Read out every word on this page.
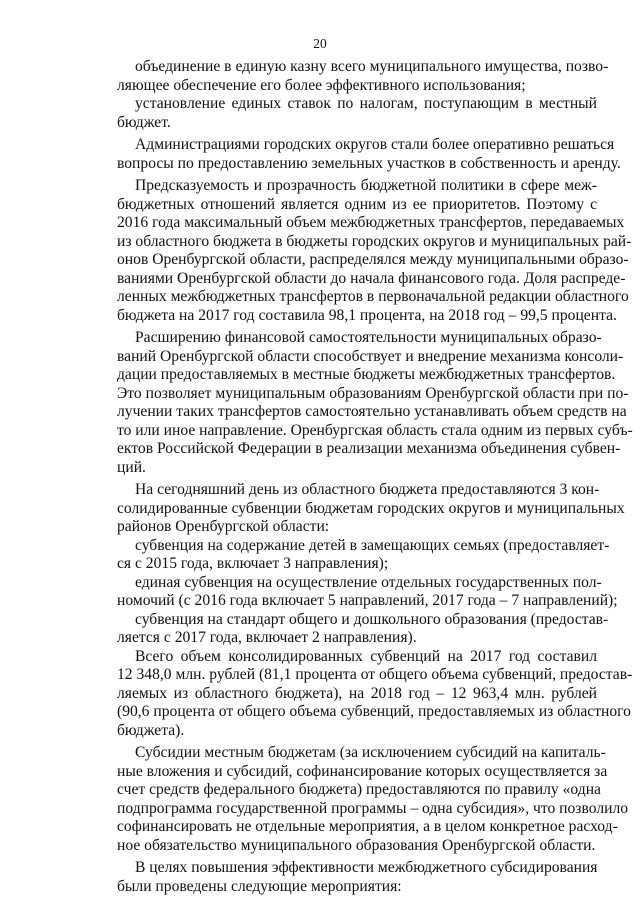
20
объединение в единую казну всего муниципального имущества, позво-
ляющее обеспечение его более эффективного использования;
установление единых ставок по налогам, поступающим в местный
бюджет.
Администрациями городских округов стали более оперативно решаться
вопросы по предоставлению земельных участков в собственность и аренду.
Предсказуемость и прозрачность бюджетной политики в сфере меж-
бюджетных отношений является одним из ее приоритетов. Поэтому с
2016 года максимальный объем межбюджетных трансфертов, передаваемых
из областного бюджета в бюджеты городских округов и муниципальных рай-
онов Оренбургской области, распределялся между муниципальными образо-
ваниями Оренбургской области до начала финансового года. Доля распреде-
ленных межбюджетных трансфертов в первоначальной редакции областного
бюджета на 2017 год составила 98,1 процента, на 2018 год – 99,5 процента.
Расширению финансовой самостоятельности муниципальных образо-
ваний Оренбургской области способствует и внедрение механизма консоли-
дации предоставляемых в местные бюджеты межбюджетных трансфертов.
Это позволяет муниципальным образованиям Оренбургской области при по-
лучении таких трансфертов самостоятельно устанавливать объем средств на
то или иное направление. Оренбургская область стала одним из первых субъ-
ектов Российской Федерации в реализации механизма объединения субвен-
ций.
На сегодняшний день из областного бюджета предоставляются 3 кон-
солидированные субвенции бюджетам городских округов и муниципальных
районов Оренбургской области:
субвенция на содержание детей в замещающих семьях (предоставляет-
ся с 2015 года, включает 3 направления);
единая субвенция на осуществление отдельных государственных пол-
номочий (с 2016 года включает 5 направлений, 2017 года – 7 направлений);
субвенция на стандарт общего и дошкольного образования (предостав-
ляется с 2017 года, включает 2 направления).
Всего объем консолидированных субвенций на 2017 год составил
12 348,0 млн. рублей (81,1 процента от общего объема субвенций, предостав-
ляемых из областного бюджета), на 2018 год – 12 963,4 млн. рублей
(90,6 процента от общего объема субвенций, предоставляемых из областного
бюджета).
Субсидии местным бюджетам (за исключением субсидий на капиталь-
ные вложения и субсидий, софинансирование которых осуществляется за
счет средств федерального бюджета) предоставляются по правилу «одна
подпрограмма государственной программы – одна субсидия», что позволило
софинансировать не отдельные мероприятия, а в целом конкретное расход-
ное обязательство муниципального образования Оренбургской области.
В целях повышения эффективности межбюджетного субсидирования
были проведены следующие мероприятия:
